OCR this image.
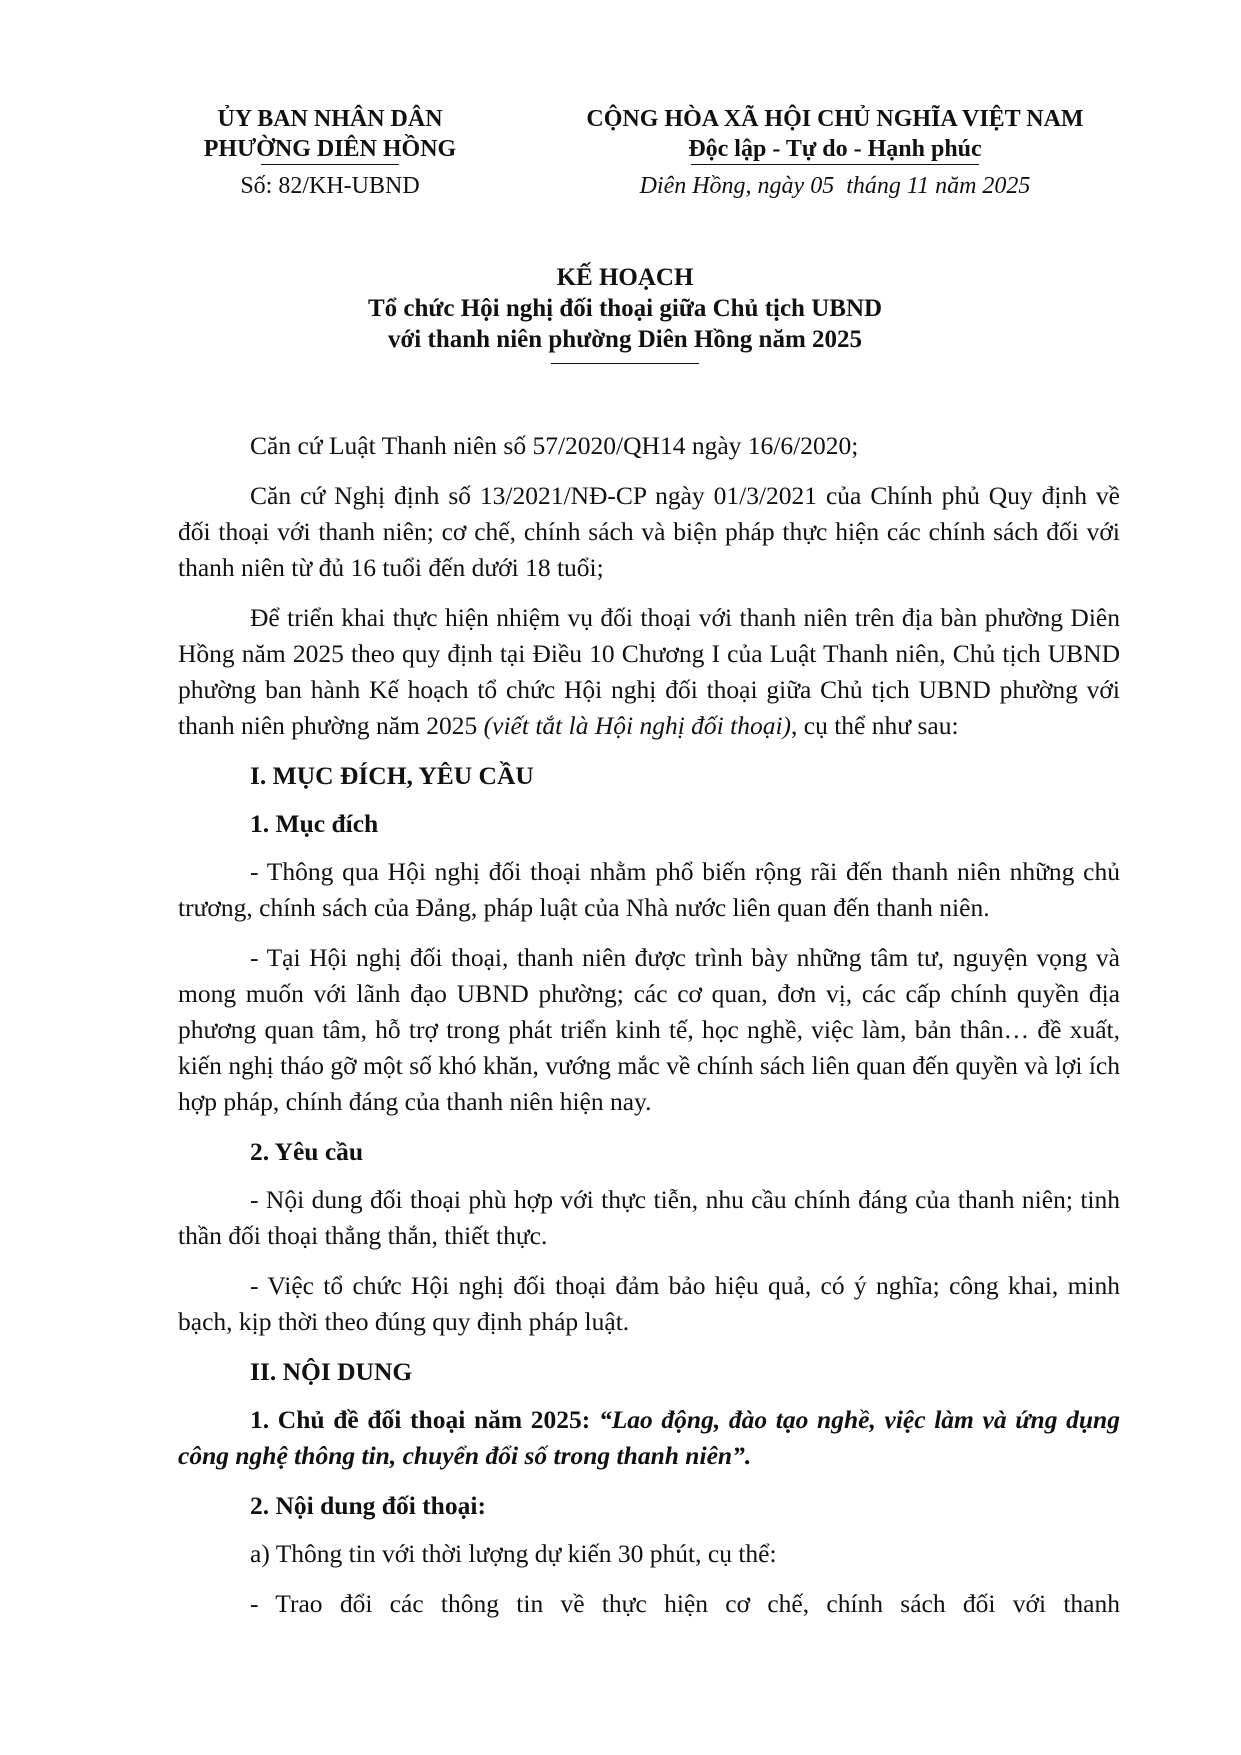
ỦY BAN NHÂN DÂN
PHƯỜNG DIÊN HỒNG
Số: 82/KH-UBND
CỘNG HÒA XÃ HỘI CHỦ NGHĨA VIỆT NAM
Độc lập - Tự do - Hạnh phúc
Diên Hồng, ngày 05  tháng 11 năm 2025
KẾ HOẠCH
Tổ chức Hội nghị đối thoại giữa Chủ tịch UBND
với thanh niên phường Diên Hồng năm 2025

Căn cứ Luật Thanh niên số 57/2020/QH14 ngày 16/6/2020;

Căn cứ Nghị định số 13/2021/NĐ-CP ngày 01/3/2021 của Chính phủ Quy định về đối thoại với thanh niên; cơ chế, chính sách và biện pháp thực hiện các chính sách đối với thanh niên từ đủ 16 tuổi đến dưới 18 tuổi;

Để triển khai thực hiện nhiệm vụ đối thoại với thanh niên trên địa bàn phường Diên Hồng năm 2025 theo quy định tại Điều 10 Chương I của Luật Thanh niên, Chủ tịch UBND phường ban hành Kế hoạch tổ chức Hội nghị đối thoại giữa Chủ tịch UBND phường với thanh niên phường năm 2025 (viết tắt là Hội nghị đối thoại), cụ thể như sau:

I. MỤC ĐÍCH, YÊU CẦU

1. Mục đích

- Thông qua Hội nghị đối thoại nhằm phổ biến rộng rãi đến thanh niên những chủ trương, chính sách của Đảng, pháp luật của Nhà nước liên quan đến thanh niên.

- Tại Hội nghị đối thoại, thanh niên được trình bày những tâm tư, nguyện vọng và mong muốn với lãnh đạo UBND phường; các cơ quan, đơn vị, các cấp chính quyền địa phương quan tâm, hỗ trợ trong phát triển kinh tế, học nghề, việc làm, bản thân… đề xuất, kiến nghị tháo gỡ một số khó khăn, vướng mắc về chính sách liên quan đến quyền và lợi ích hợp pháp, chính đáng của thanh niên hiện nay.

2. Yêu cầu

- Nội dung đối thoại phù hợp với thực tiễn, nhu cầu chính đáng của thanh niên; tinh thần đối thoại thẳng thắn, thiết thực.

- Việc tổ chức Hội nghị đối thoại đảm bảo hiệu quả, có ý nghĩa; công khai, minh bạch, kịp thời theo đúng quy định pháp luật.

II. NỘI DUNG

1. Chủ đề đối thoại năm 2025: “Lao động, đào tạo nghề, việc làm và ứng dụng công nghệ thông tin, chuyển đổi số trong thanh niên”.

2. Nội dung đối thoại:

a) Thông tin với thời lượng dự kiến 30 phút, cụ thể:

- Trao đổi các thông tin về thực hiện cơ chế, chính sách đối với thanh
